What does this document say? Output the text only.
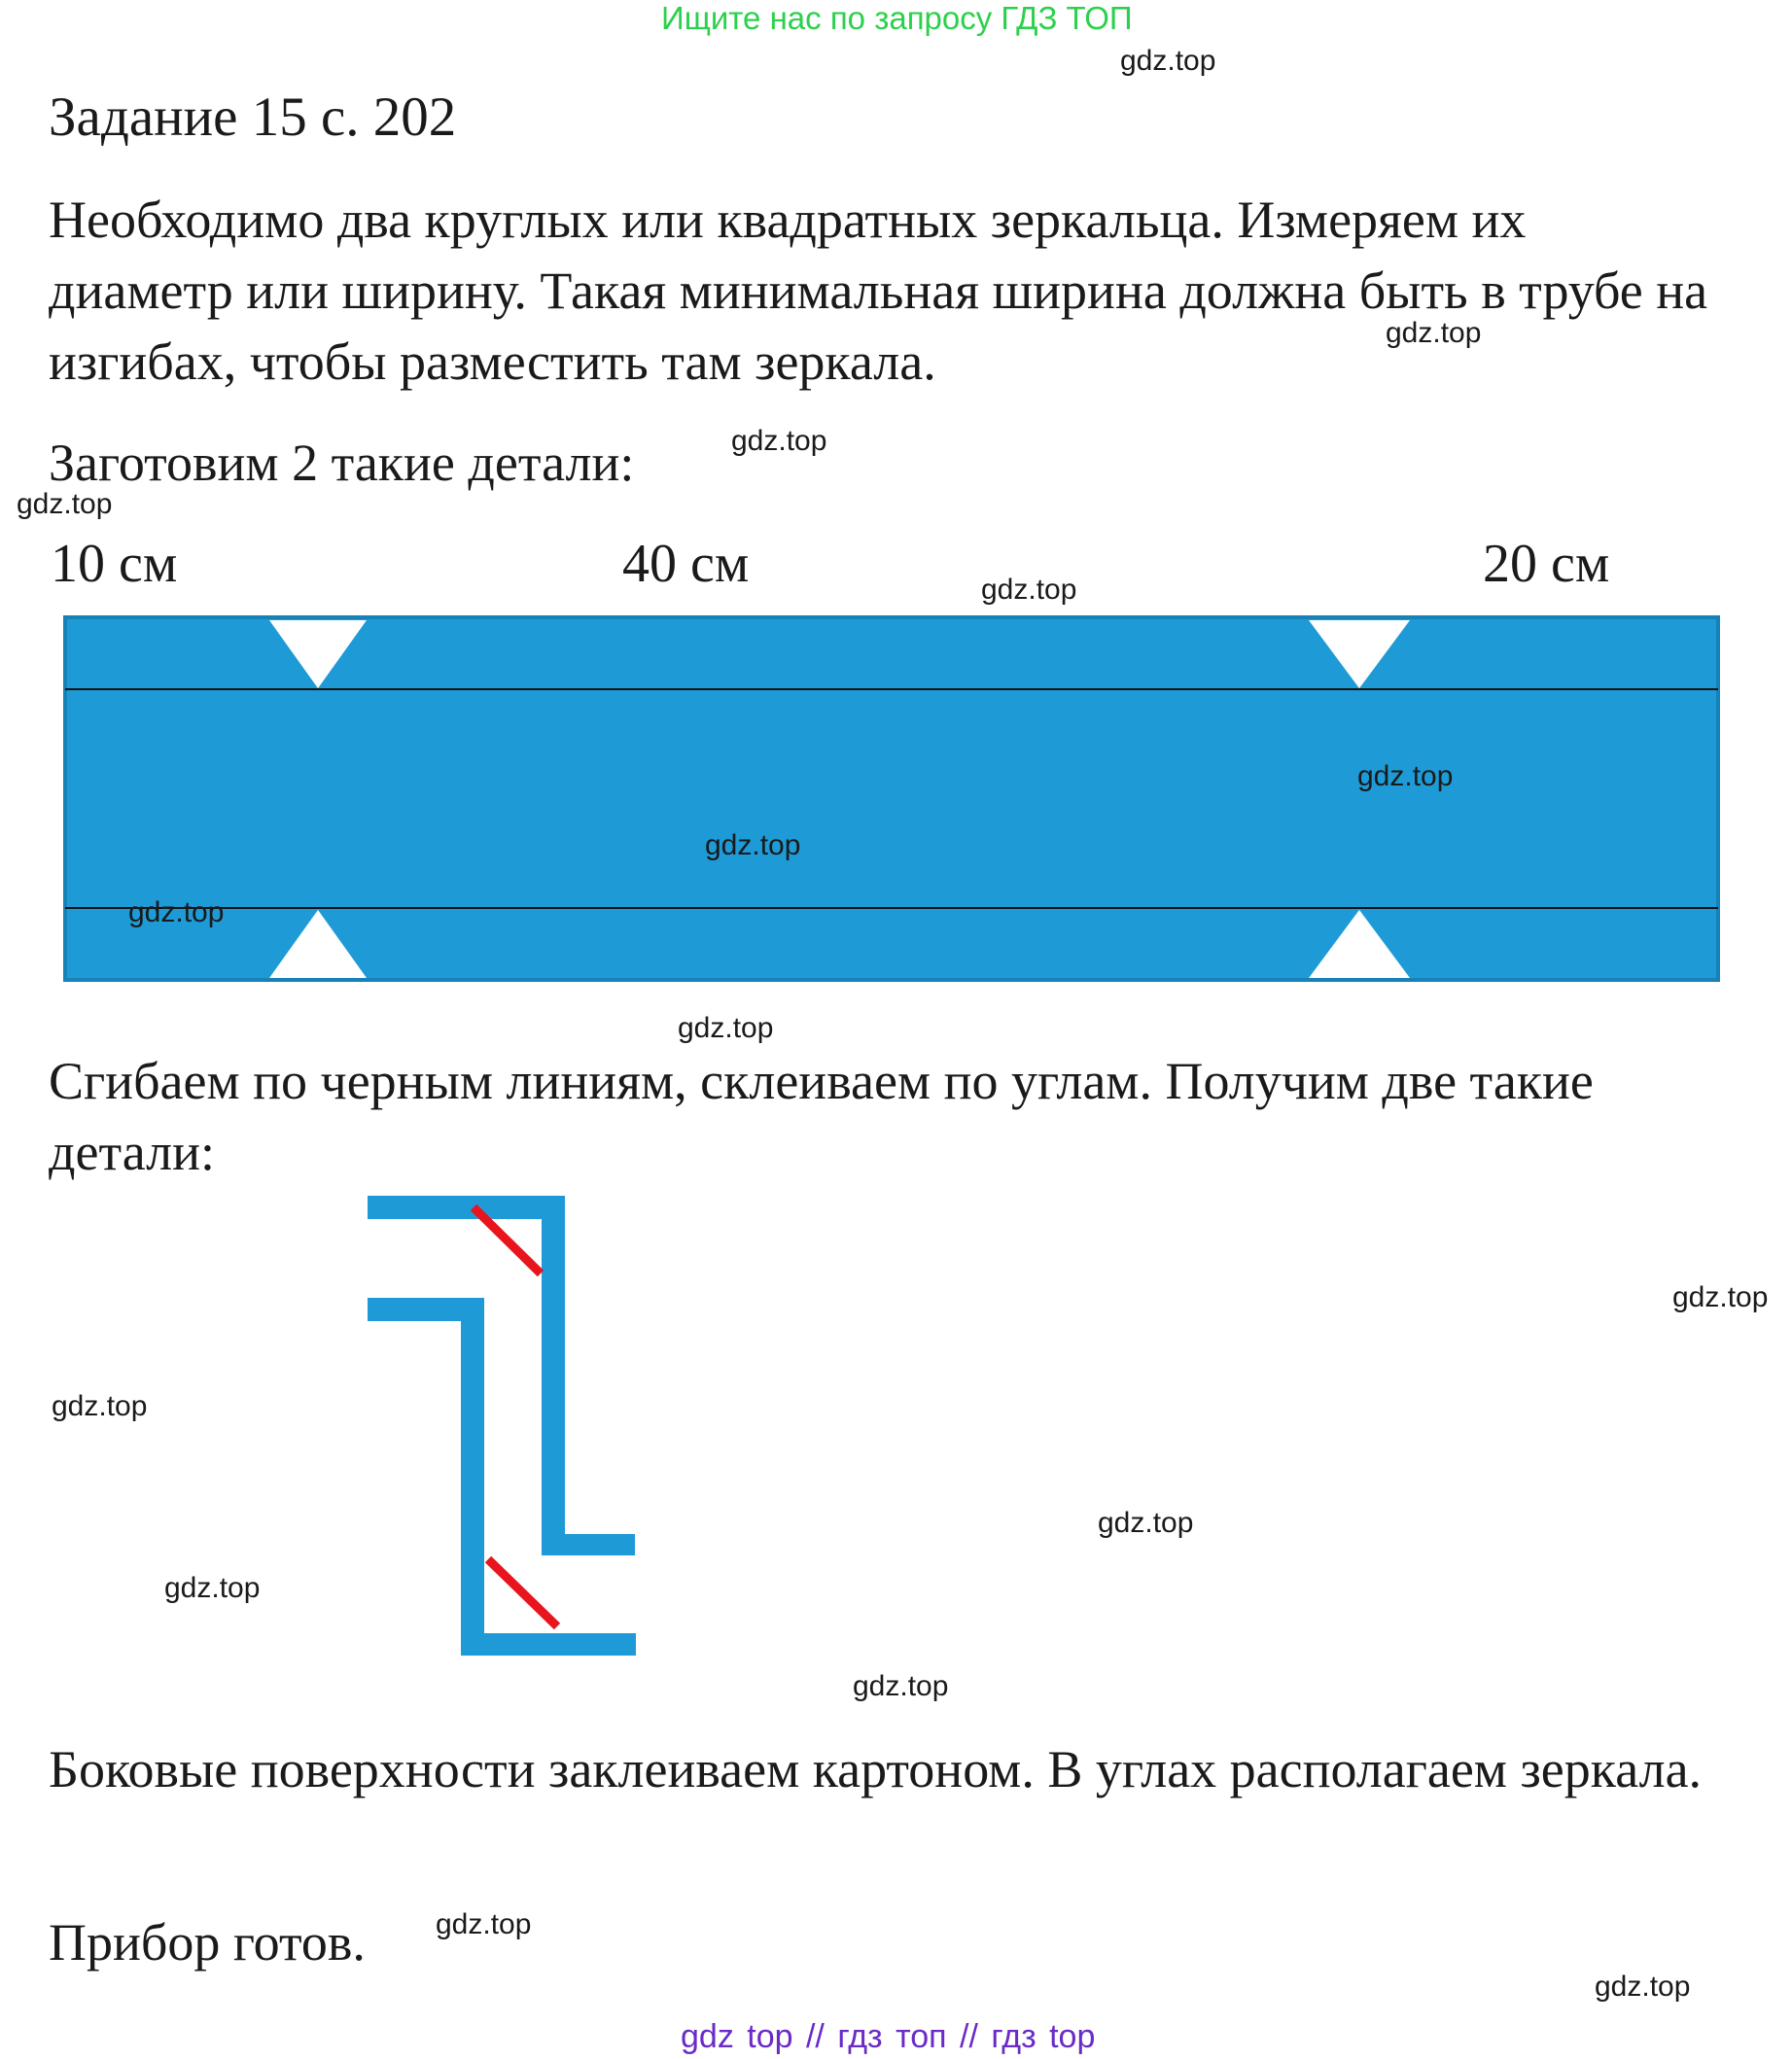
Ищите нас по запросу ГДЗ ТОП
Задание 15 с. 202
Необходимо два круглых или квадратных зеркальца. Измеряем их диаметр или ширину. Такая минимальная ширина должна быть в трубе на изгибах, чтобы разместить там зеркала.
Заготовим 2 такие детали:
10 см	40 см	20 см
Сгибаем по черным линиям, склеиваем по углам. Получим две такие детали:
Боковые поверхности заклеиваем картоном. В углах располагаем зеркала.
Прибор готов.
gdz.top
gdz.top
gdz.top
gdz.top
gdz.top
gdz.top
gdz.top
gdz.top
gdz.top
gdz.top
gdz.top
gdz.top
gdz.top
gdz.top
gdz.top
gdz.top
gdz top // гдз топ // гдз top
